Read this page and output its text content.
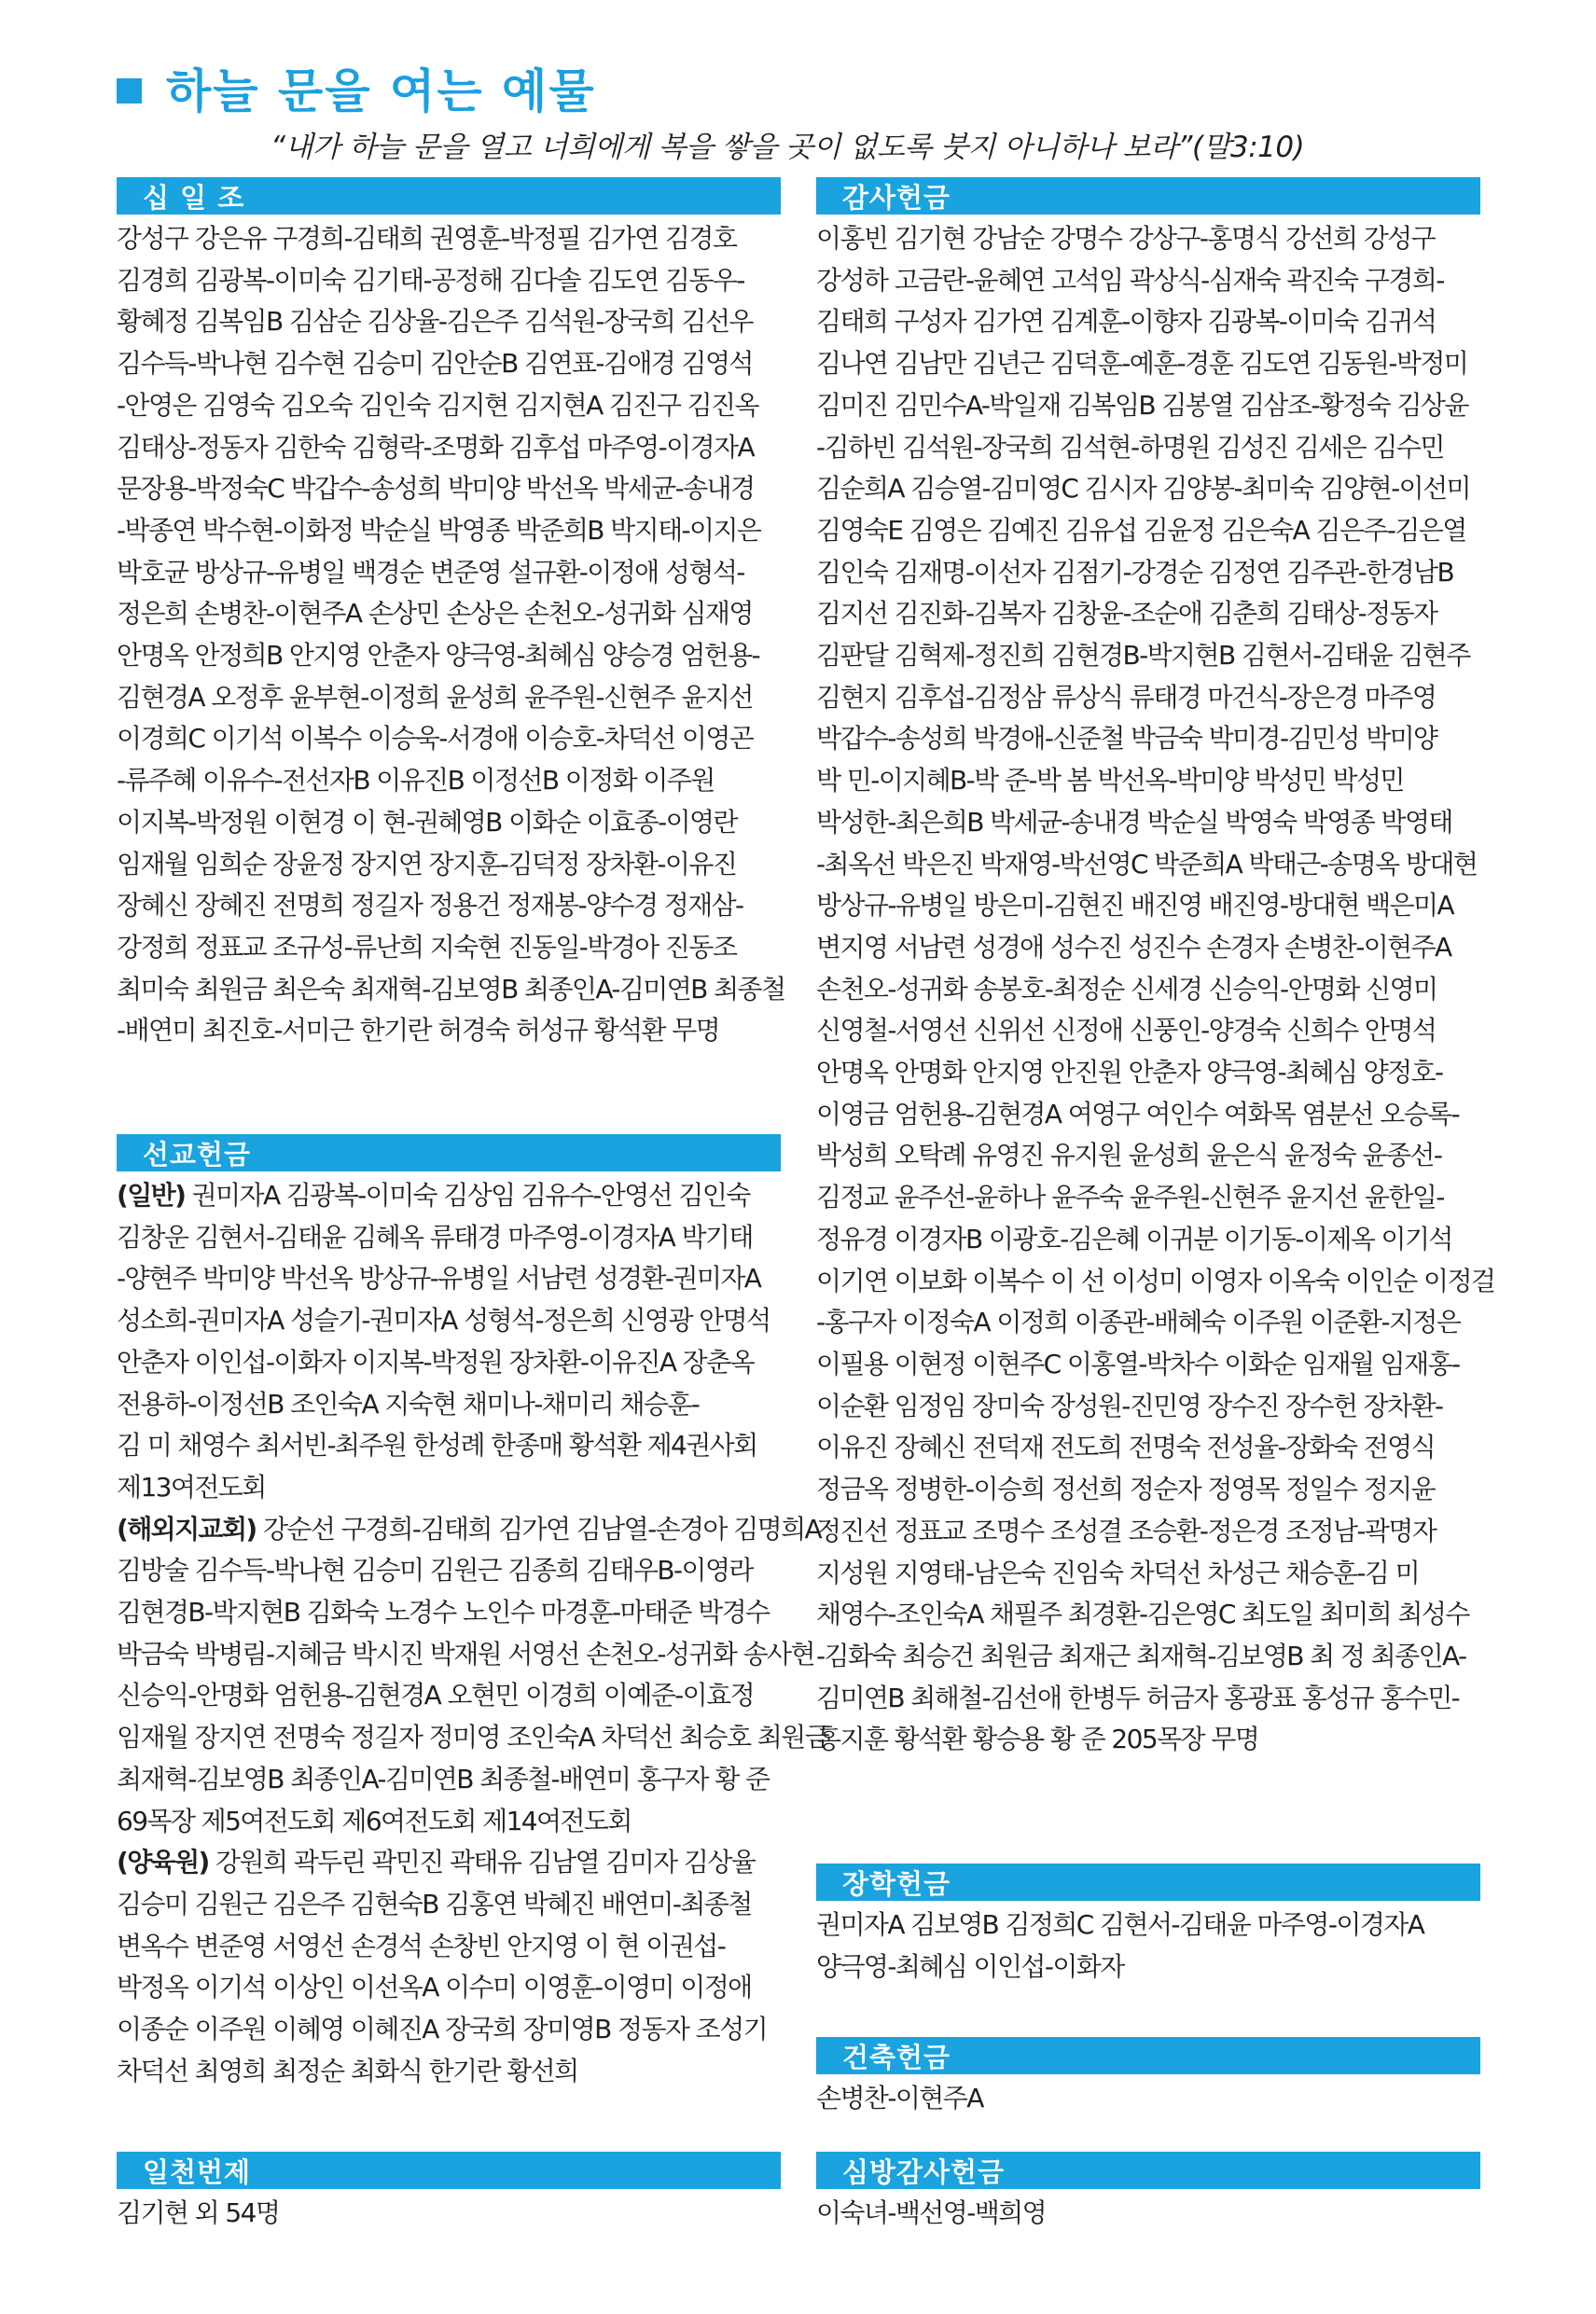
하늘 문을 여는 예물
“내가 하늘 문을 열고 너희에게 복을 쌓을 곳이 없도록 붓지 아니하나 보라”(말3:10)
십 일 조
강성구 강은유 구경희-김태희 권영훈-박정필 김가연 김경호
김경희 김광복-이미숙 김기태-공정해 김다솔 김도연 김동우-
황혜정 김복임B 김삼순 김상율-김은주 김석원-장국희 김선우
김수득-박나현 김수현 김승미 김안순B 김연표-김애경 김영석
-안영은 김영숙 김오숙 김인숙 김지현 김지현A 김진구 김진옥
김태상-정동자 김한숙 김형락-조명화 김후섭 마주영-이경자A
문장용-박정숙C 박갑수-송성희 박미양 박선옥 박세균-송내경
-박종연 박수현-이화정 박순실 박영종 박준희B 박지태-이지은
박호균 방상규-유병일 백경순 변준영 설규환-이정애 성형석-
정은희 손병찬-이현주A 손상민 손상은 손천오-성귀화 심재영
안명옥 안정희B 안지영 안춘자 양극영-최혜심 양승경 엄헌용-
김현경A 오정후 윤부현-이정희 윤성희 윤주원-신현주 윤지선
이경희C 이기석 이복수 이승욱-서경애 이승호-차덕선 이영곤
-류주혜 이유수-전선자B 이유진B 이정선B 이정화 이주원
이지복-박정원 이현경 이 현-권혜영B 이화순 이효종-이영란
임재월 임희순 장윤정 장지연 장지훈-김덕정 장차환-이유진
장혜신 장혜진 전명희 정길자 정용건 정재봉-양수경 정재삼-
강정희 정표교 조규성-류난희 지숙현 진동일-박경아 진동조
최미숙 최원금 최은숙 최재혁-김보영B 최종인A-김미연B 최종철
-배연미 최진호-서미근 한기란 허경숙 허성규 황석환 무명
선교헌금
(일반) 권미자A 김광복-이미숙 김상임 김유수-안영선 김인숙
김창운 김현서-김태윤 김혜옥 류태경 마주영-이경자A 박기태
-양현주 박미양 박선옥 방상규-유병일 서남련 성경환-권미자A
성소희-권미자A 성슬기-권미자A 성형석-정은희 신영광 안명석
안춘자 이인섭-이화자 이지복-박정원 장차환-이유진A 장춘옥
전용하-이정선B 조인숙A 지숙현 채미나-채미리 채승훈-
김 미 채영수 최서빈-최주원 한성례 한종매 황석환 제4권사회
제13여전도회
(해외지교회) 강순선 구경희-김태희 김가연 김남열-손경아 김명희A
김방술 김수득-박나현 김승미 김원근 김종희 김태우B-이영라
김현경B-박지현B 김화숙 노경수 노인수 마경훈-마태준 박경수
박금숙 박병림-지혜금 박시진 박재원 서영선 손천오-성귀화 송사현
신승익-안명화 엄헌용-김현경A 오현민 이경희 이예준-이효정
임재월 장지연 전명숙 정길자 정미영 조인숙A 차덕선 최승호 최원금
최재혁-김보영B 최종인A-김미연B 최종철-배연미 홍구자 황 준
69목장 제5여전도회 제6여전도회 제14여전도회
(양육원) 강원희 곽두린 곽민진 곽태유 김남열 김미자 김상율
김승미 김원근 김은주 김현숙B 김홍연 박혜진 배연미-최종철
변옥수 변준영 서영선 손경석 손창빈 안지영 이 현 이권섭-
박정옥 이기석 이상인 이선옥A 이수미 이영훈-이영미 이정애
이종순 이주원 이혜영 이혜진A 장국희 장미영B 정동자 조성기
차덕선 최영희 최정순 최화식 한기란 황선희
일천번제
김기현 외 54명
감사헌금
이홍빈 김기현 강남순 강명수 강상구-홍명식 강선희 강성구
강성하 고금란-윤혜연 고석임 곽상식-심재숙 곽진숙 구경희-
김태희 구성자 김가연 김계훈-이향자 김광복-이미숙 김귀석
김나연 김남만 김년근 김덕훈-예훈-경훈 김도연 김동원-박정미
김미진 김민수A-박일재 김복임B 김봉열 김삼조-황정숙 김상윤
-김하빈 김석원-장국희 김석현-하명원 김성진 김세은 김수민
김순희A 김승열-김미영C 김시자 김양봉-최미숙 김양현-이선미
김영숙E 김영은 김예진 김유섭 김윤정 김은숙A 김은주-김은열
김인숙 김재명-이선자 김점기-강경순 김정연 김주관-한경남B
김지선 김진화-김복자 김창윤-조순애 김춘희 김태상-정동자
김판달 김혁제-정진희 김현경B-박지현B 김현서-김태윤 김현주
김현지 김후섭-김정삼 류상식 류태경 마건식-장은경 마주영
박갑수-송성희 박경애-신준철 박금숙 박미경-김민성 박미양
박 민-이지혜B-박 준-박 봄 박선옥-박미양 박성민 박성민
박성한-최은희B 박세균-송내경 박순실 박영숙 박영종 박영태
-최옥선 박은진 박재영-박선영C 박준희A 박태근-송명옥 방대현
방상규-유병일 방은미-김현진 배진영 배진영-방대현 백은미A
변지영 서남련 성경애 성수진 성진수 손경자 손병찬-이현주A
손천오-성귀화 송봉호-최정순 신세경 신승익-안명화 신영미
신영철-서영선 신위선 신정애 신풍인-양경숙 신희수 안명석
안명옥 안명화 안지영 안진원 안춘자 양극영-최혜심 양정호-
이영금 엄헌용-김현경A 여영구 여인수 여화목 염분선 오승록-
박성희 오탁례 유영진 유지원 윤성희 윤은식 윤정숙 윤종선-
김정교 윤주선-윤하나 윤주숙 윤주원-신현주 윤지선 윤한일-
정유경 이경자B 이광호-김은혜 이귀분 이기동-이제옥 이기석
이기연 이보화 이복수 이 선 이성미 이영자 이옥숙 이인순 이정걸
-홍구자 이정숙A 이정희 이종관-배혜숙 이주원 이준환-지정은
이필용 이현정 이현주C 이홍열-박차수 이화순 임재월 임재홍-
이순환 임정임 장미숙 장성원-진민영 장수진 장수헌 장차환-
이유진 장혜신 전덕재 전도희 전명숙 전성율-장화숙 전영식
정금옥 정병한-이승희 정선희 정순자 정영목 정일수 정지윤
정진선 정표교 조명수 조성결 조승환-정은경 조정남-곽명자
지성원 지영태-남은숙 진임숙 차덕선 차성근 채승훈-김 미
채영수-조인숙A 채필주 최경환-김은영C 최도일 최미희 최성수
-김화숙 최승건 최원금 최재근 최재혁-김보영B 최 정 최종인A-
김미연B 최해철-김선애 한병두 허금자 홍광표 홍성규 홍수민-
홍지훈 황석환 황승용 황 준 205목장 무명
장학헌금
권미자A 김보영B 김정희C 김현서-김태윤 마주영-이경자A
양극영-최혜심 이인섭-이화자
건축헌금
손병찬-이현주A
심방감사헌금
이숙녀-백선영-백희영
